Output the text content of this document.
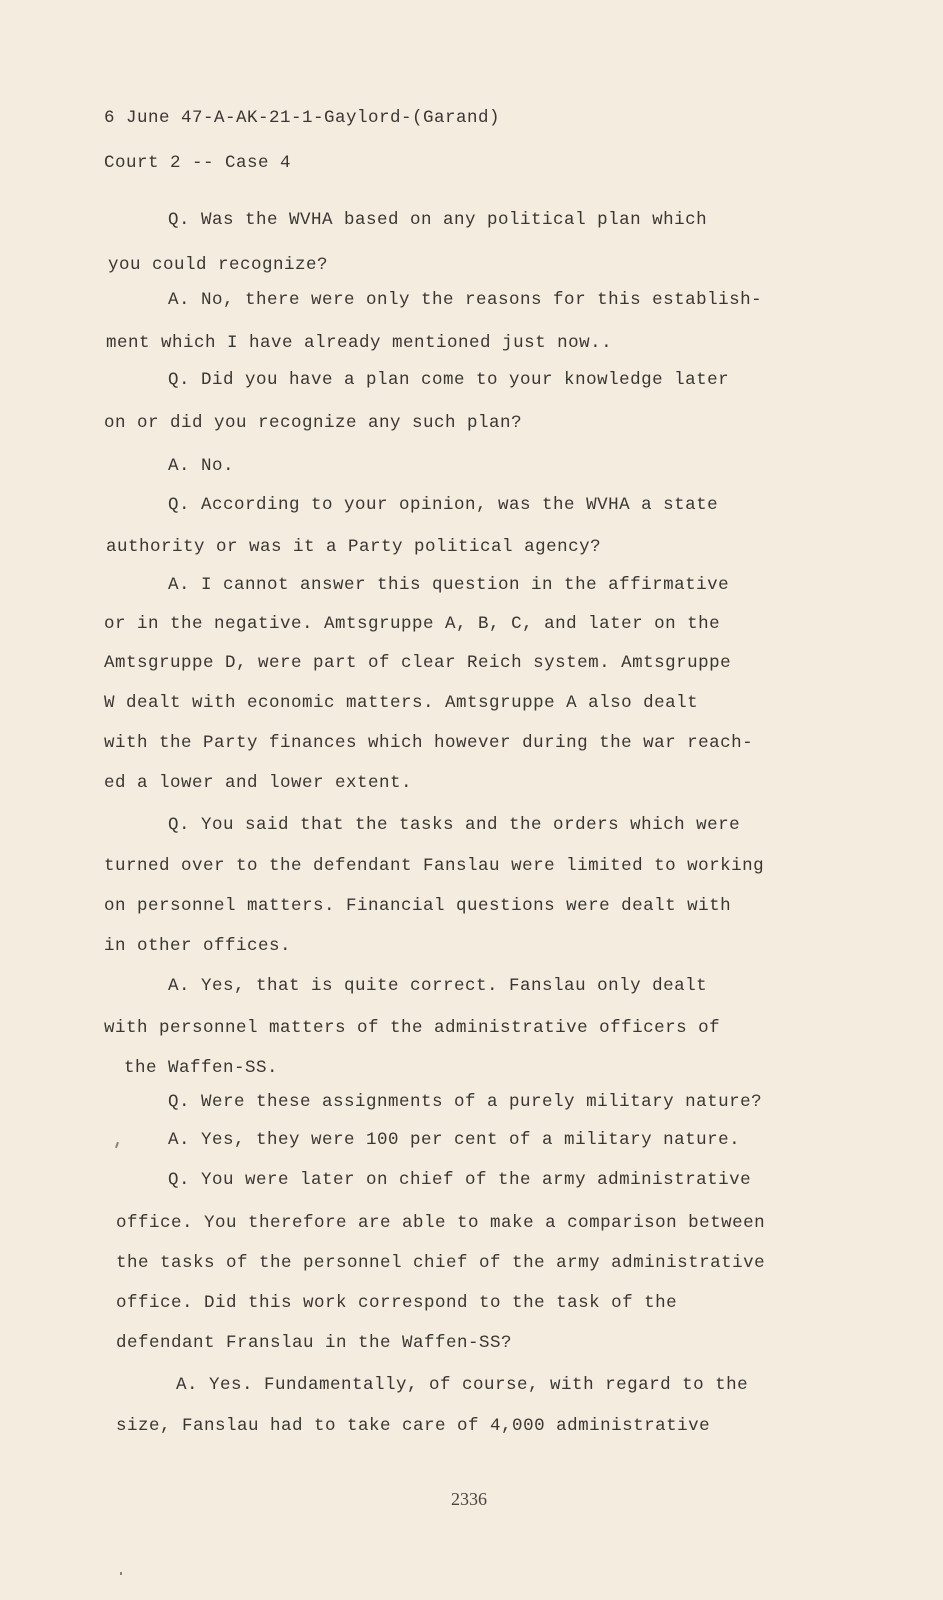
6 June 47-A-AK-21-1-Gaylord-(Garand)
Court 2 -- Case 4
Q. Was the WVHA based on any political plan which
you could recognize?
A. No, there were only the reasons for this establish-
ment which I have already mentioned just now..
Q. Did you have a plan come to your knowledge later
on or did you recognize any such plan?
A. No.
Q. According to your opinion, was the WVHA a state
authority or was it a Party political agency?
A. I cannot answer this question in the affirmative
or in the negative. Amtsgruppe A, B, C, and later on the
Amtsgruppe D, were part of clear Reich system. Amtsgruppe
W dealt with economic matters. Amtsgruppe A also dealt
with the Party finances which however during the war reach-
ed a lower and lower extent.
Q. You said that the tasks and the orders which were
turned over to the defendant Fanslau were limited to working
on personnel matters. Financial questions were dealt with
in other offices.
A. Yes, that is quite correct. Fanslau only dealt
with personnel matters of the administrative officers of
the Waffen-SS.
Q. Were these assignments of a purely military nature?
A. Yes, they were 100 per cent of a military nature.
Q. You were later on chief of the army administrative
office. You therefore are able to make a comparison between
the tasks of the personnel chief of the army administrative
office. Did this work correspond to the task of the
defendant Franslau in the Waffen-SS?
A. Yes. Fundamentally, of course, with regard to the
size, Fanslau had to take care of 4,000 administrative
2336
